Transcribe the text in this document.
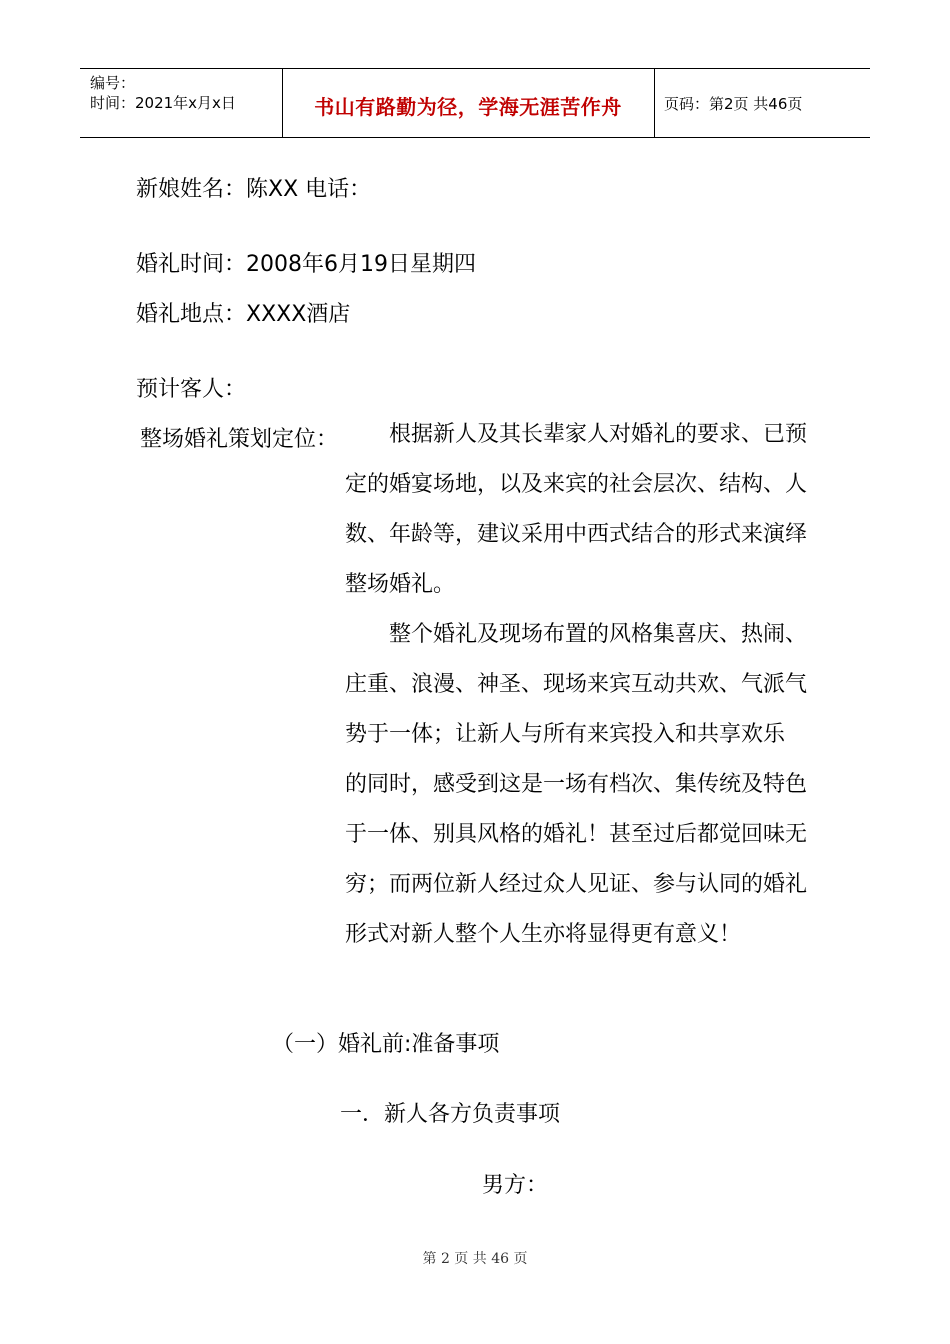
编号：
时间：2021年x月x日	书山有路勤为径，学海无涯苦作舟	页码：第2页 共46页
新娘姓名：陈XX 电话：
婚礼时间：2008年6月19日星期四
婚礼地点：XXXX酒店
预计客人：
整场婚礼策划定位：	根据新人及其长辈家人对婚礼的要求、已预定的婚宴场地，以及来宾的社会层次、结构、人数、年龄等，建议采用中西式结合的形式来演绎整场婚礼。

整个婚礼及现场布置的风格集喜庆、热闹、庄重、浪漫、神圣、现场来宾互动共欢、气派气势于一体；让新人与所有来宾投入和共享欢乐　的同时，感受到这是一场有档次、集传统及特色于一体、别具风格的婚礼！甚至过后都觉回味无穷；而两位新人经过众人见证、参与认同的婚礼形式对新人整个人生亦将显得更有意义！

（一）婚礼前:准备事项
一．新人各方负责事项
男方：
第 2 页 共 46 页
